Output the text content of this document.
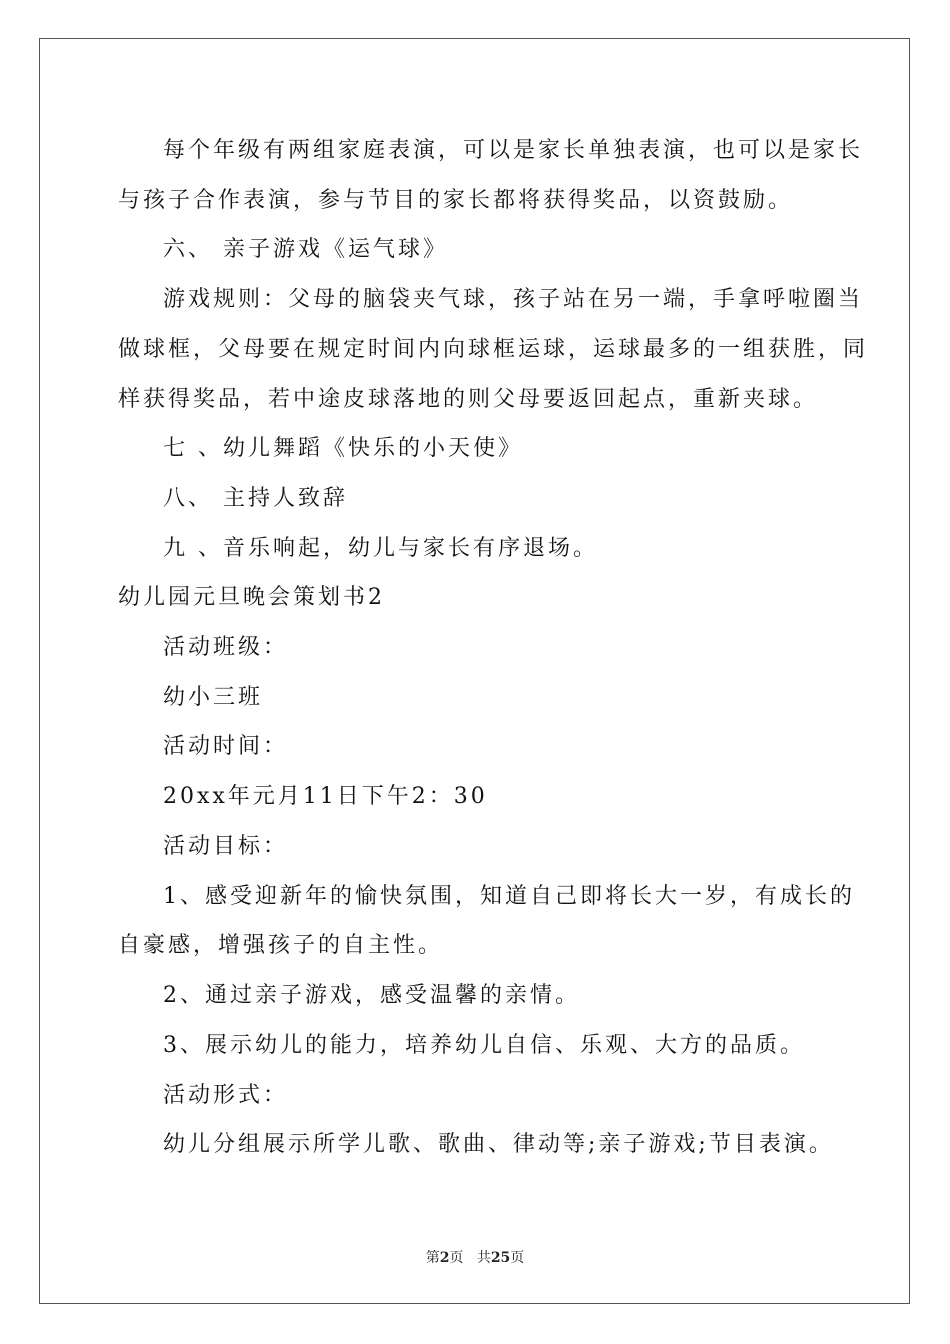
每个年级有两组家庭表演，可以是家长单独表演，也可以是家长
与孩子合作表演，参与节目的家长都将获得奖品，以资鼓励。
六、 亲子游戏《运气球》
游戏规则：父母的脑袋夹气球，孩子站在另一端，手拿呼啦圈当
做球框，父母要在规定时间内向球框运球，运球最多的一组获胜，同
样获得奖品，若中途皮球落地的则父母要返回起点，重新夹球。
七 、幼儿舞蹈《快乐的小天使》
八、 主持人致辞
九 、音乐响起，幼儿与家长有序退场。
幼儿园元旦晚会策划书2
活动班级：
幼小三班
活动时间：
20xx年元月11日下午2：30
活动目标：
1、感受迎新年的愉快氛围，知道自己即将长大一岁，有成长的
自豪感，增强孩子的自主性。
2、通过亲子游戏，感受温馨的亲情。
3、展示幼儿的能力，培养幼儿自信、乐观、大方的品质。
活动形式：
幼儿分组展示所学儿歌、歌曲、律动等;亲子游戏;节目表演。
第2页 共25页
